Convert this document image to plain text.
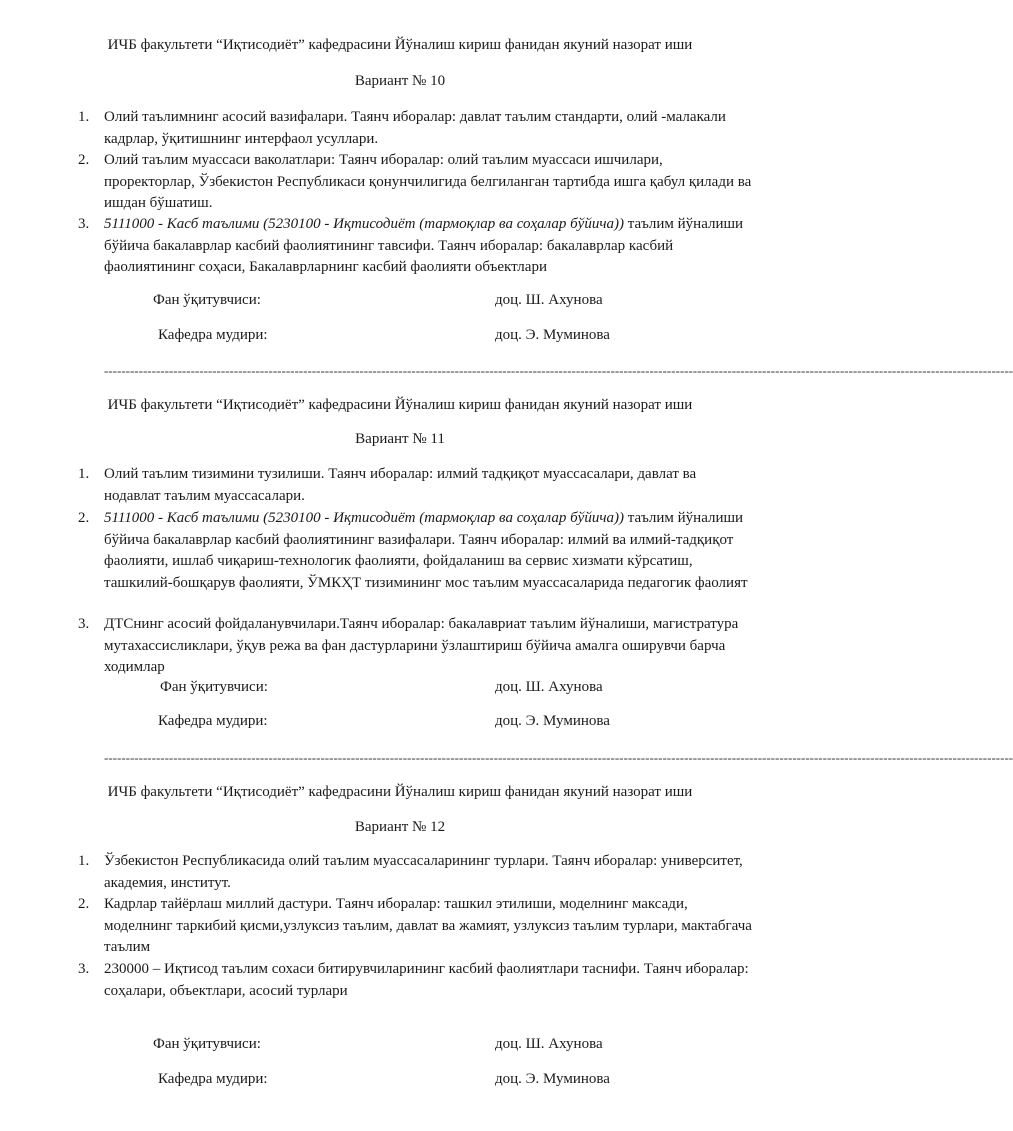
ИЧБ факультети “Иқтисодиёт” кафедрасини Йўналиш кириш фанидан якуний назорат иши
Вариант № 10
1. Олий таълимнинг асосий вазифалари. Таянч иборалар: давлат таълим стандарти, олий -малакали кадрлар, ўқитишнинг интерфаол усуллари.
2. Олий таълим муассаси ваколатлари: Таянч иборалар: олий таълим муассаси ишчилари, проректорлар, Ўзбекистон Республикаси қонунчилигида белгиланган тартибда ишга қабул қилади ва ишдан бўшатиш.
3. 5111000 - Касб таълими (5230100 - Иқтисодиёт (тармоқлар ва соҳалар бўйича)) таълим йўналиши бўйича бакалаврлар касбий фаолиятининг тавсифи. Таянч иборалар: бакалаврлар касбий фаолиятининг соҳаси, Бакалаврларнинг касбий фаолияти объектлари
Фан ўқитувчиси:	доц. Ш. Ахунова
Кафедра мудири:	доц. Э. Муминова
------------------------------------------------------------------------------------------------------------------------------------------------------------------------------------------------------------------
ИЧБ факультети “Иқтисодиёт” кафедрасини Йўналиш кириш фанидан якуний назорат иши
Вариант № 11
1. Олий таълим тизимини тузилиши. Таянч иборалар: илмий тадқиқот муассасалари, давлат ва нодавлат таълим муассасалари.
2. 5111000 - Касб таълими (5230100 - Иқтисодиёт (тармоқлар ва соҳалар бўйича)) таълим йўналиши бўйича бакалаврлар касбий фаолиятининг вазифалари. Таянч иборалар: илмий ва илмий-тадқиқот фаолияти, ишлаб чиқариш-технологик фаолияти, фойдаланиш ва сервис хизмати кўрсатиш, ташкилий-бошқарув фаолияти, ЎМКҲТ тизимининг мос таълим муассасаларида педагогик фаолият
3. ДТСнинг асосий фойдаланувчилари.Таянч иборалар: бакалавриат таълим йўналиши, магистратура мутахассисликлари, ўқув режа ва фан дастурларини ўзлаштириш бўйича амалга оширувчи барча ходимлар
Фан ўқитувчиси:	доц. Ш. Ахунова
Кафедра мудири:	доц. Э. Муминова
------------------------------------------------------------------------------------------------------------------------------------------------------------------------------------------------------------------
ИЧБ факультети “Иқтисодиёт” кафедрасини Йўналиш кириш фанидан якуний назорат иши
Вариант № 12
1. Ўзбекистон Республикасида олий таълим муассасаларининг турлари. Таянч иборалар: университет, академия, институт.
2. Кадрлар тайёрлаш миллий дастури. Таянч иборалар: ташкил этилиши, моделнинг максади, моделнинг таркибий қисми,узлуксиз таълим, давлат ва жамият, узлуксиз таълим турлари, мактабгача таълим
3. 230000 – Иқтисод таълим сохаси битирувчиларининг касбий фаолиятлари таснифи. Таянч иборалар: соҳалари, объектлари, асосий турлари
Фан ўқитувчиси:	доц. Ш. Ахунова
Кафедра мудири:	доц. Э. Муминова
